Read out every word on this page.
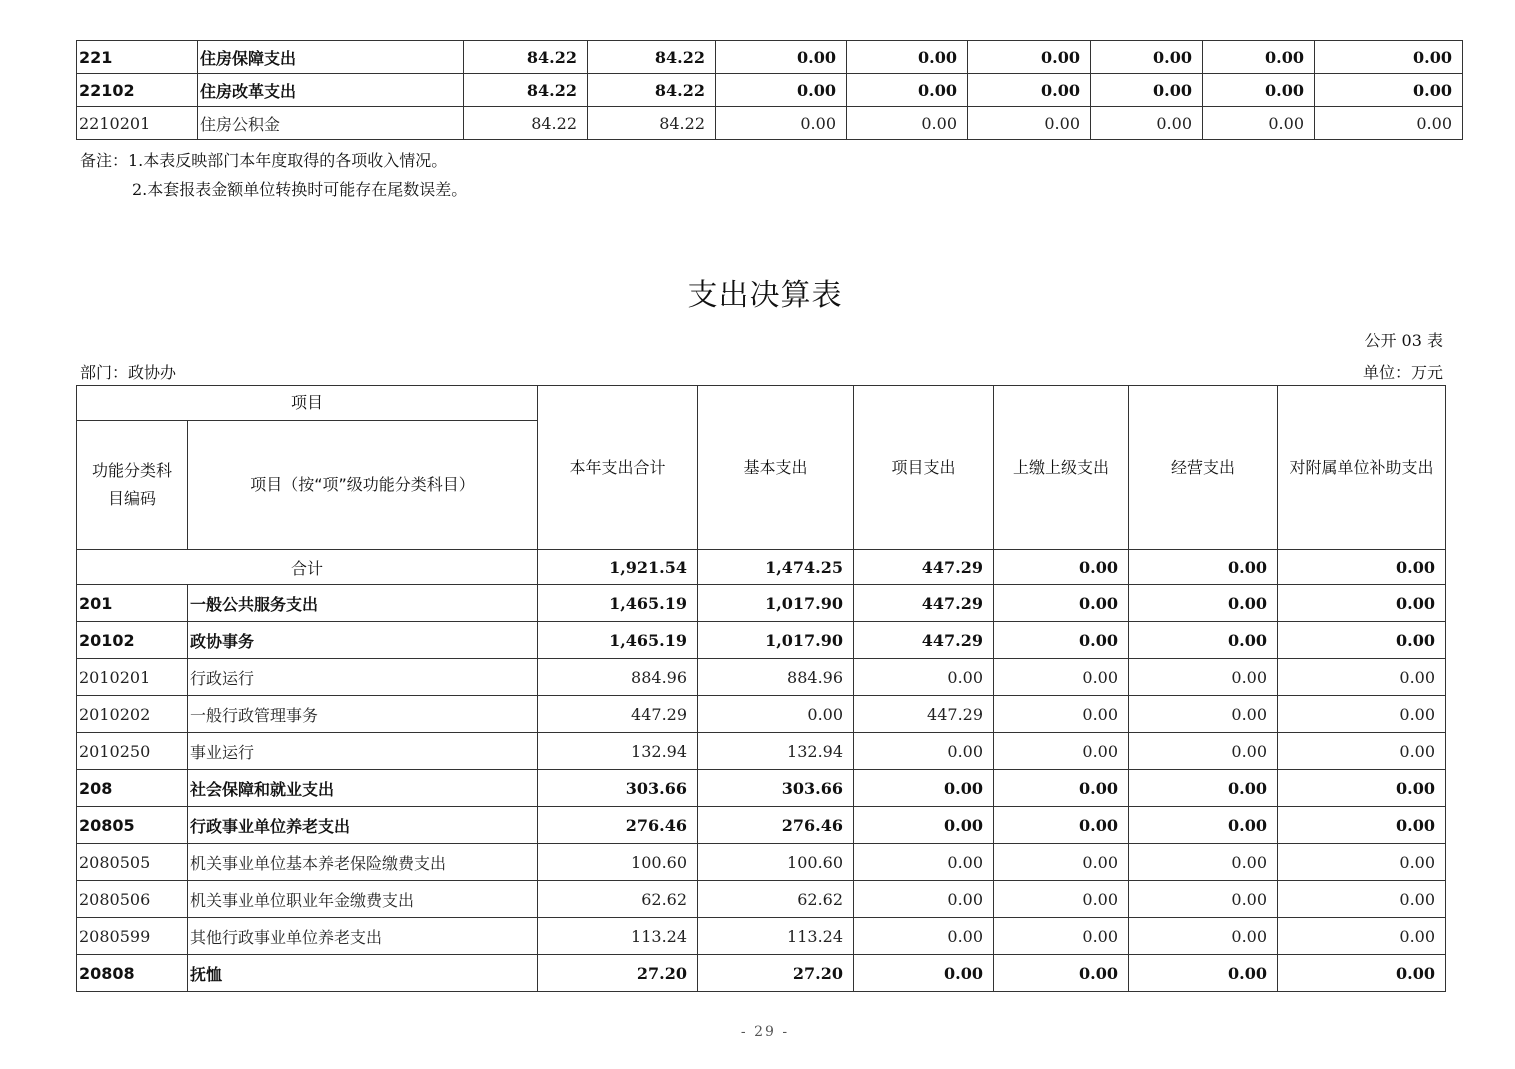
221	住房保障支出	84.22	84.22	0.00	0.00	0.00	0.00	0.00	0.00
22102	住房改革支出	84.22	84.22	0.00	0.00	0.00	0.00	0.00	0.00
2210201	住房公积金	84.22	84.22	0.00	0.00	0.00	0.00	0.00	0.00
备注：1.本表反映部门本年度取得的各项收入情况。
2.本套报表金额单位转换时可能存在尾数误差。
支出决算表
公开 03 表
部门：政协办	单位：万元
项目		本年支出合计	基本支出	项目支出	上缴上级支出	经营支出	对附属单位补助支出
功能分类科目编码	项目（按“项”级功能分类科目）						
合计		1,921.54	1,474.25	447.29	0.00	0.00	0.00
201	一般公共服务支出	1,465.19	1,017.90	447.29	0.00	0.00	0.00
20102	政协事务	1,465.19	1,017.90	447.29	0.00	0.00	0.00
2010201	行政运行	884.96	884.96	0.00	0.00	0.00	0.00
2010202	一般行政管理事务	447.29	0.00	447.29	0.00	0.00	0.00
2010250	事业运行	132.94	132.94	0.00	0.00	0.00	0.00
208	社会保障和就业支出	303.66	303.66	0.00	0.00	0.00	0.00
20805	行政事业单位养老支出	276.46	276.46	0.00	0.00	0.00	0.00
2080505	机关事业单位基本养老保险缴费支出	100.60	100.60	0.00	0.00	0.00	0.00
2080506	机关事业单位职业年金缴费支出	62.62	62.62	0.00	0.00	0.00	0.00
2080599	其他行政事业单位养老支出	113.24	113.24	0.00	0.00	0.00	0.00
20808	抚恤	27.20	27.20	0.00	0.00	0.00	0.00
- 29 -
